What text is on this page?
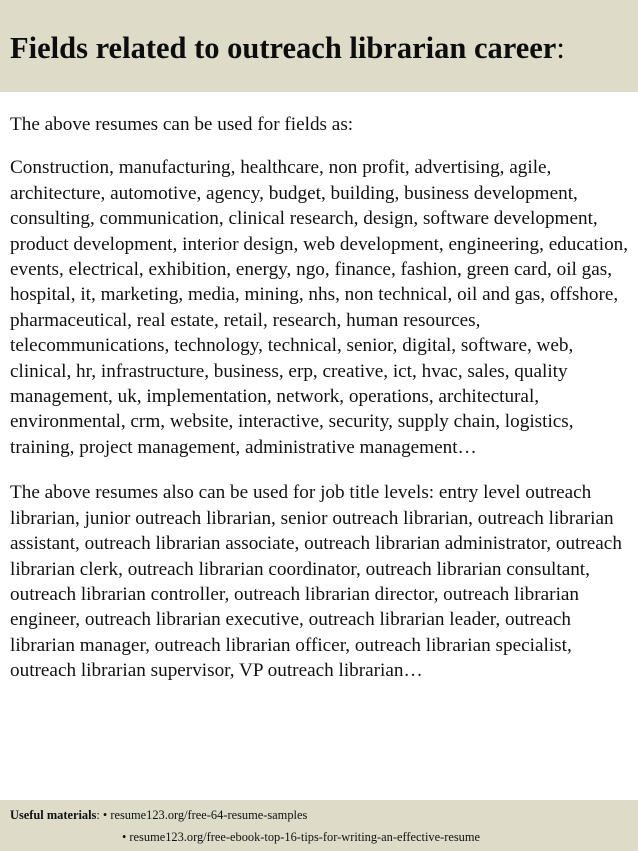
Fields related to outreach librarian career:

The above resumes can be used for fields as:

Construction, manufacturing, healthcare, non profit, advertising, agile, architecture, automotive, agency, budget, building, business development, consulting, communication, clinical research, design, software development, product development, interior design, web development, engineering, education, events, electrical, exhibition, energy, ngo, finance, fashion, green card, oil gas, hospital, it, marketing, media, mining, nhs, non technical, oil and gas, offshore, pharmaceutical, real estate, retail, research, human resources, telecommunications, technology, technical, senior, digital, software, web, clinical, hr, infrastructure, business, erp, creative, ict, hvac, sales, quality management, uk, implementation, network, operations, architectural, environmental, crm, website, interactive, security, supply chain, logistics, training, project management, administrative management…

The above resumes also can be used for job title levels: entry level outreach librarian, junior outreach librarian, senior outreach librarian, outreach librarian assistant, outreach librarian associate, outreach librarian administrator, outreach librarian clerk, outreach librarian coordinator, outreach librarian consultant, outreach librarian controller, outreach librarian director, outreach librarian engineer, outreach librarian executive, outreach librarian leader, outreach librarian manager, outreach librarian officer, outreach librarian specialist, outreach librarian supervisor, VP outreach librarian…

Useful materials: • resume123.org/free-64-resume-samples
• resume123.org/free-ebook-top-16-tips-for-writing-an-effective-resume
